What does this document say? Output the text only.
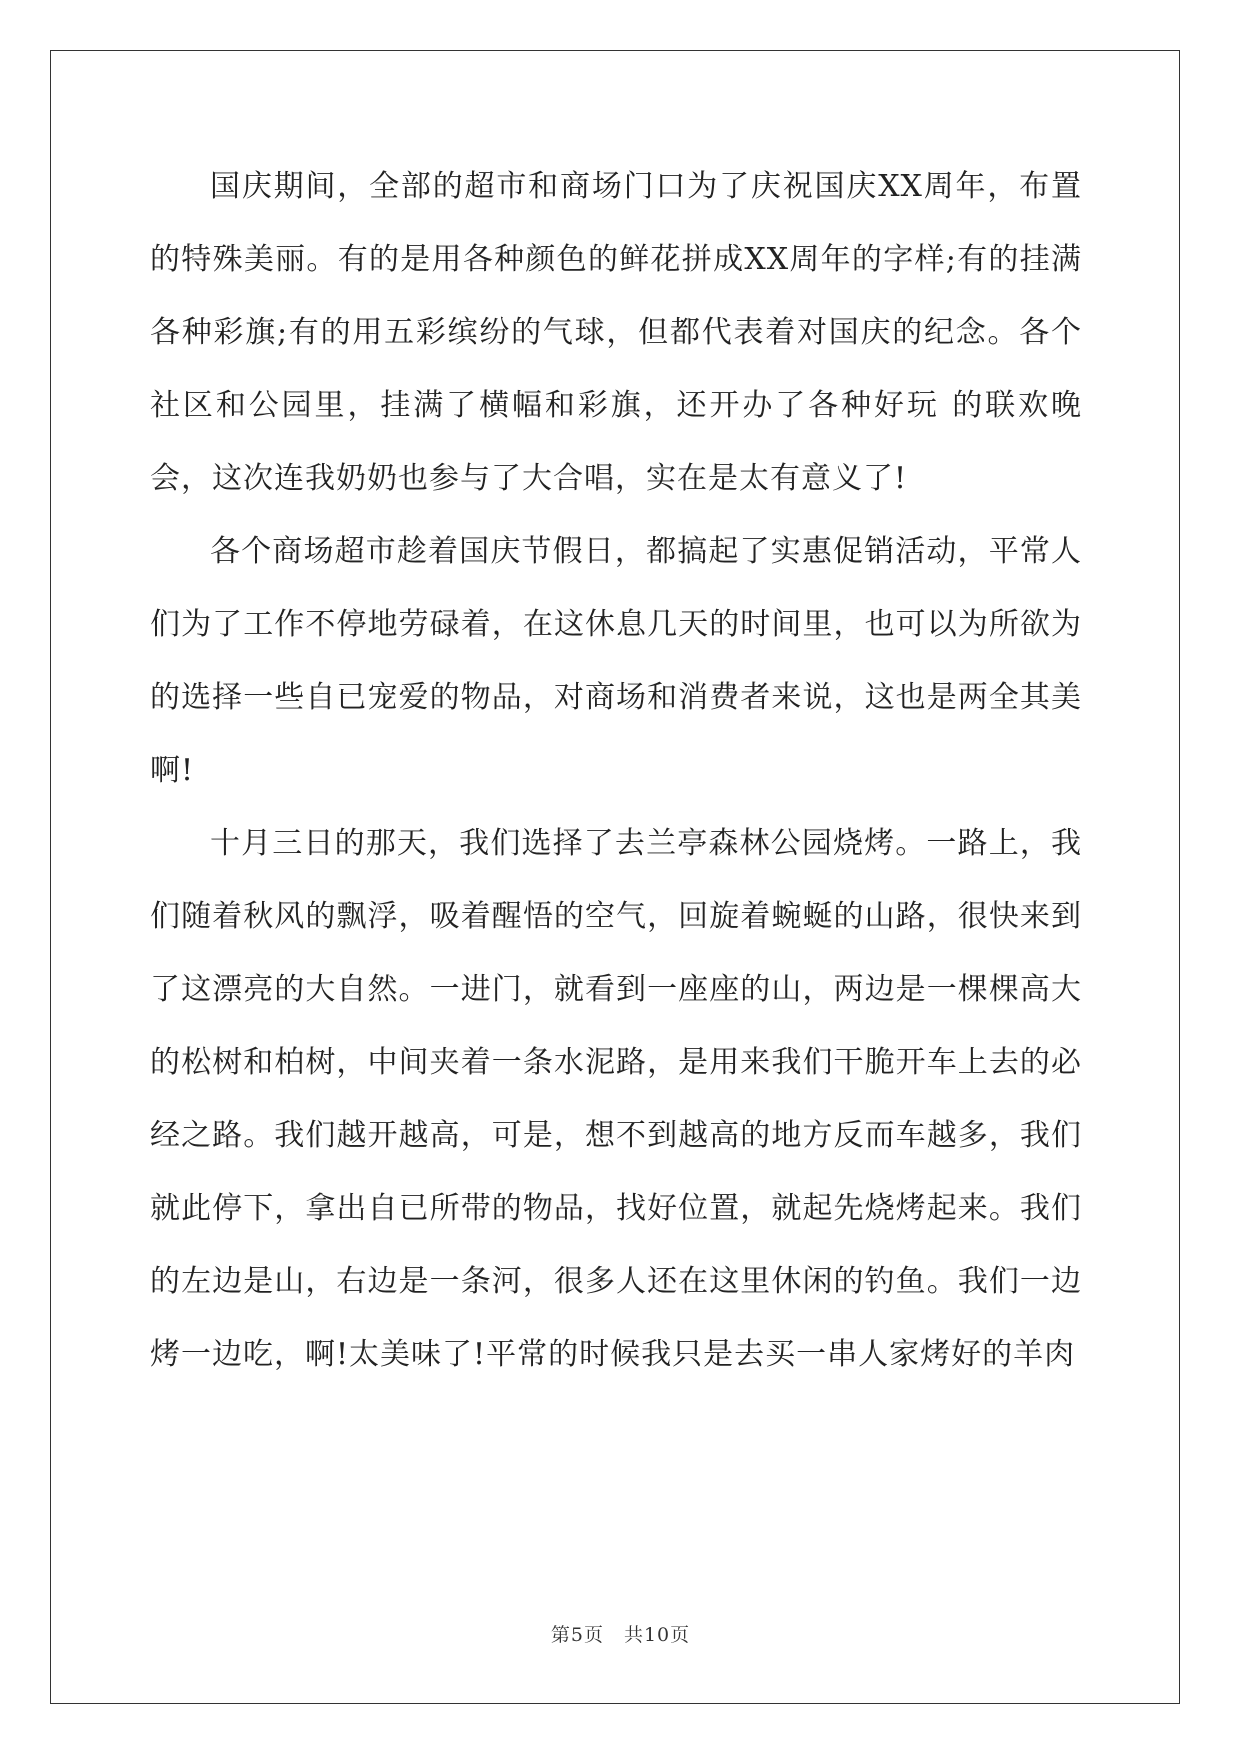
国庆期间，全部的超市和商场门口为了庆祝国庆XX周年，布置的特殊美丽。有的是用各种颜色的鲜花拼成XX周年的字样;有的挂满各种彩旗;有的用五彩缤纷的气球，但都代表着对国庆的纪念。各个社区和公园里，挂满了横幅和彩旗，还开办了各种好玩 的联欢晚会，这次连我奶奶也参与了大合唱，实在是太有意义了!

各个商场超市趁着国庆节假日，都搞起了实惠促销活动，平常人们为了工作不停地劳碌着，在这休息几天的时间里，也可以为所欲为的选择一些自已宠爱的物品，对商场和消费者来说，这也是两全其美啊!

十月三日的那天，我们选择了去兰亭森林公园烧烤。一路上，我们随着秋风的飘浮，吸着醒悟的空气，回旋着蜿蜒的山路，很快来到了这漂亮的大自然。一进门，就看到一座座的山，两边是一棵棵高大的松树和柏树，中间夹着一条水泥路，是用来我们干脆开车上去的必经之路。我们越开越高，可是，想不到越高的地方反而车越多，我们就此停下，拿出自已所带的物品，找好位置，就起先烧烤起来。我们的左边是山，右边是一条河，很多人还在这里休闲的钓鱼。我们一边烤一边吃，啊!太美味了!平常的时候我只是去买一串人家烤好的羊肉

第5页　共10页
